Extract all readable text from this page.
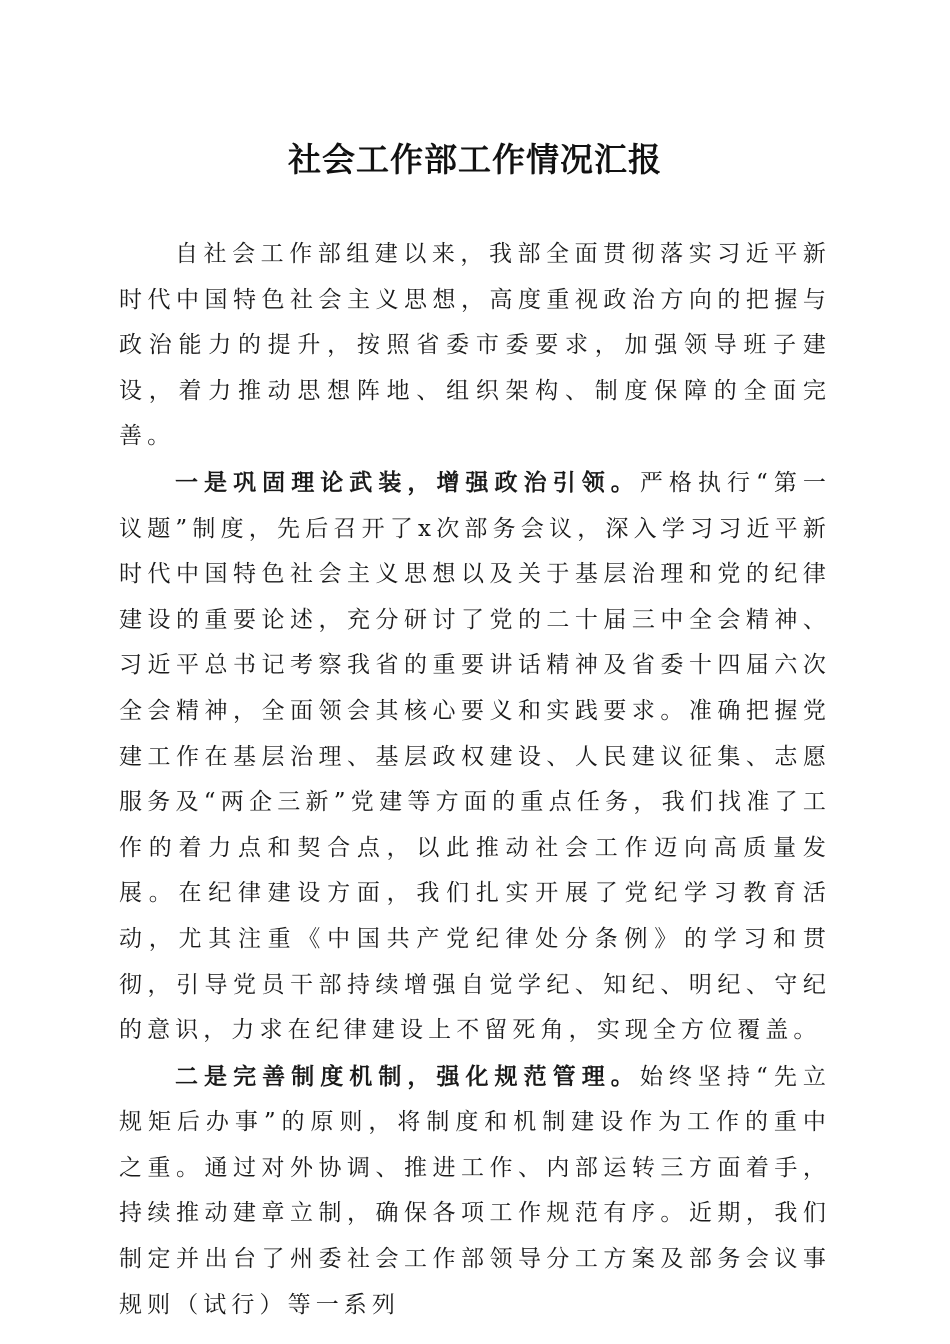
社会工作部工作情况汇报

自社会工作部组建以来，我部全面贯彻落实习近平新时代中国特色社会主义思想，高度重视政治方向的把握与政治能力的提升，按照省委市委要求，加强领导班子建设，着力推动思想阵地、组织架构、制度保障的全面完善。

一是巩固理论武装，增强政治引领。严格执行“第一议题”制度，先后召开了x次部务会议，深入学习习近平新时代中国特色社会主义思想以及关于基层治理和党的纪律建设的重要论述，充分研讨了党的二十届三中全会精神、习近平总书记考察我省的重要讲话精神及省委十四届六次全会精神，全面领会其核心要义和实践要求。准确把握党建工作在基层治理、基层政权建设、人民建议征集、志愿服务及“两企三新”党建等方面的重点任务，我们找准了工作的着力点和契合点，以此推动社会工作迈向高质量发展。在纪律建设方面，我们扎实开展了党纪学习教育活动，尤其注重《中国共产党纪律处分条例》的学习和贯彻，引导党员干部持续增强自觉学纪、知纪、明纪、守纪的意识，力求在纪律建设上不留死角，实现全方位覆盖。

二是完善制度机制，强化规范管理。始终坚持“先立规矩后办事”的原则，将制度和机制建设作为工作的重中之重。通过对外协调、推进工作、内部运转三方面着手，持续推动建章立制，确保各项工作规范有序。近期，我们制定并出台了州委社会工作部领导分工方案及部务会议事规则（试行）等一系列
